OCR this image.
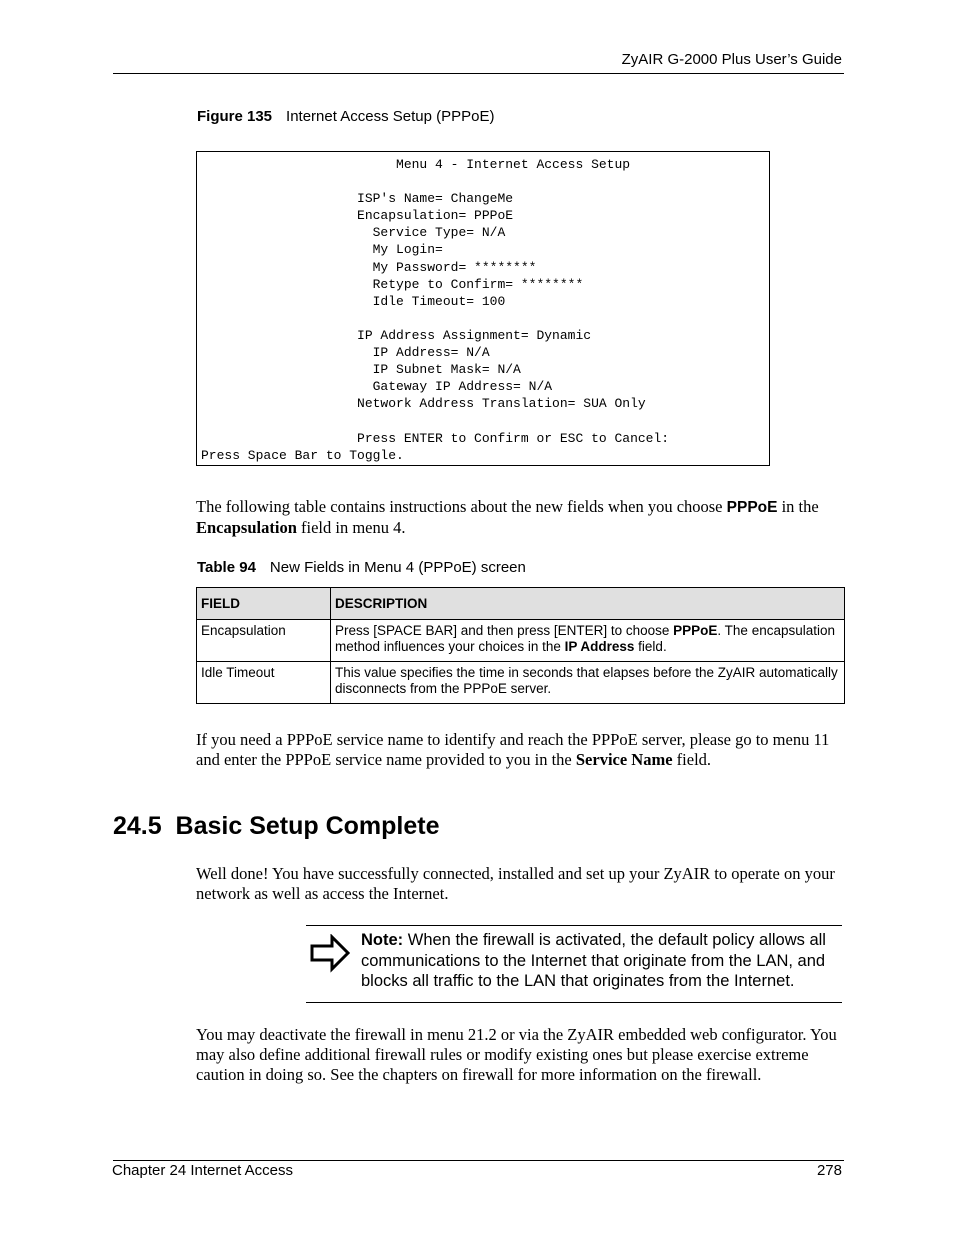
ZyAIR G-2000 Plus User’s Guide
Figure 135 Internet Access Setup (PPPoE)
Menu 4 - Internet Access Setup

ISP's Name= ChangeMe
Encapsulation= PPPoE
Service Type= N/A
My Login=
My Password= ********
Retype to Confirm= ********
Idle Timeout= 100

IP Address Assignment= Dynamic
IP Address= N/A
IP Subnet Mask= N/A
Gateway IP Address= N/A
Network Address Translation= SUA Only

Press ENTER to Confirm or ESC to Cancel:
Press Space Bar to Toggle.
The following table contains instructions about the new fields when you choose PPPoE in the Encapsulation field in menu 4.
Table 94 New Fields in Menu 4 (PPPoE) screen
FIELD	DESCRIPTION
Encapsulation	Press [SPACE BAR] and then press [ENTER] to choose PPPoE. The encapsulation method influences your choices in the IP Address field.
Idle Timeout	This value specifies the time in seconds that elapses before the ZyAIR automatically disconnects from the PPPoE server.
If you need a PPPoE service name to identify and reach the PPPoE server, please go to menu 11 and enter the PPPoE service name provided to you in the Service Name field.
24.5  Basic Setup Complete
Well done! You have successfully connected, installed and set up your ZyAIR to operate on your network as well as access the Internet.
Note: When the firewall is activated, the default policy allows all communications to the Internet that originate from the LAN, and blocks all traffic to the LAN that originates from the Internet.
You may deactivate the firewall in menu 21.2 or via the ZyAIR embedded web configurator. You may also define additional firewall rules or modify existing ones but please exercise extreme caution in doing so. See the chapters on firewall for more information on the firewall.
Chapter 24 Internet Access	278
